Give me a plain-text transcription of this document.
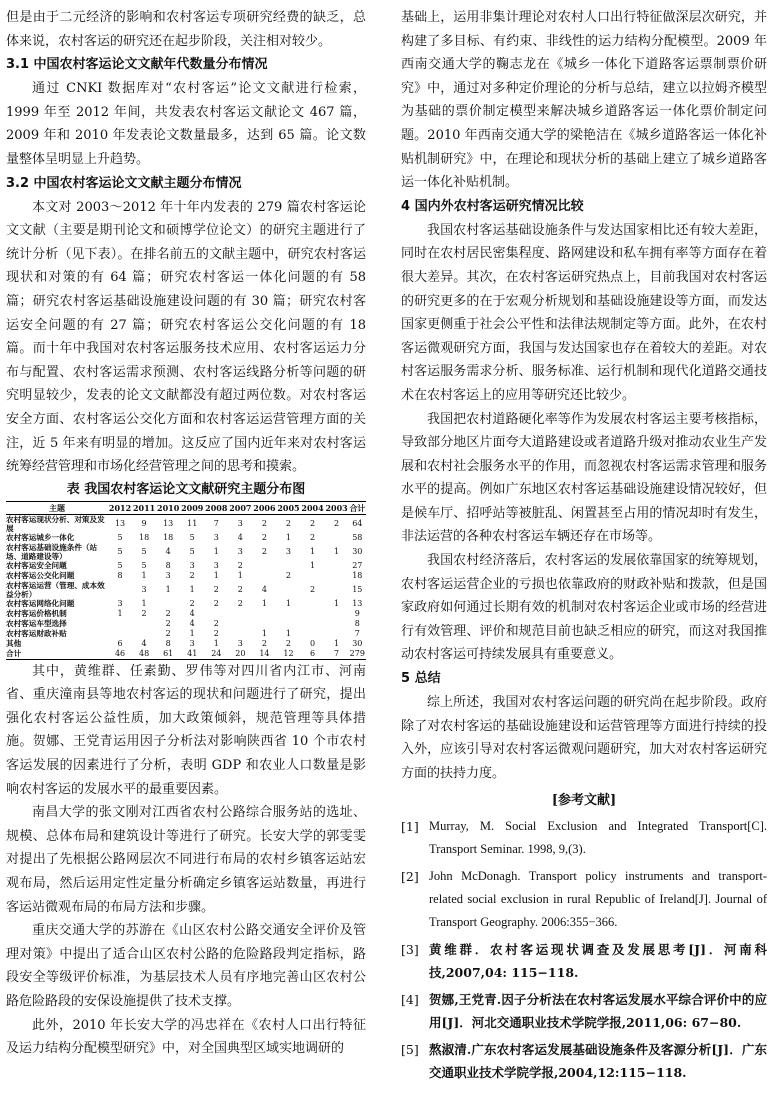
但是由于二元经济的影响和农村客运专项研究经费的缺乏，总体来说，农村客运的研究还在起步阶段，关注相对较少。

3.1 中国农村客运论文文献年代数量分布情况

通过 CNKI 数据库对“农村客运”论文文献进行检索，1999 年至 2012 年间，共发表农村客运文献论文 467 篇，2009 年和 2010 年发表论文数量最多，达到 65 篇。论文数量整体呈明显上升趋势。

3.2 中国农村客运论文文献主题分布情况

本文对 2003～2012 年十年内发表的 279 篇农村客运论文文献（主要是期刊论文和硕博学位论文）的研究主题进行了统计分析（见下表）。在排名前五的文献主题中，研究农村客运现状和对策的有 64 篇；研究农村客运一体化问题的有 58 篇；研究农村客运基础设施建设问题的有 30 篇；研究农村客运安全问题的有 27 篇；研究农村客运公交化问题的有 18 篇。而十年中我国对农村客运服务技术应用、农村客运运力分布与配置、农村客运需求预测、农村客运线路分析等问题的研究明显较少，发表的论文文献都没有超过两位数。对农村客运安全方面、农村客运公交化方面和农村客运运营管理方面的关注，近 5 年来有明显的增加。这反应了国内近年来对农村客运统筹经营管理和市场化经营管理之间的思考和摸索。

表 我国农村客运论文文献研究主题分布图
主题	2012	2011	2010	2009	2008	2007	2006	2005	2004	2003	合计
农村客运现状分析、对策及发展	13	9	13	11	7	3	2	2	2	2	64
农村客运城乡一体化	5	18	18	5	3	4	2	1	2		58
农村客运基础设施条件（站场、道路建设等）	5	5	4	5	1	3	2	3	1	1	30
农村客运安全问题	5	5	8	3	3	2			1		27
农村客运公交化问题	8	1	3	2	1	1		2			18
农村客运运营（管理、成本效益分析）		3	1	1	2	2	4		2		15
农村客运网络化问题	3	1		2	2	2	1	1		1	13
农村客运价格机制	1	2	2	4							9
农村客运车型选择			2	4	2						8
农村客运财政补贴			2	1	2		1	1			7
其他	6	4	8	3	1	3	2	2	0	1	30
合计	46	48	61	41	24	20	14	12	6	7	279

其中，黄维群、任素勤、罗伟等对四川省内江市、河南省、重庆潼南县等地农村客运的现状和问题进行了研究，提出强化农村客运公益性质，加大政策倾斜，规范管理等具体措施。贺娜、王党青运用因子分析法对影响陕西省 10 个市农村客运发展的因素进行了分析，表明 GDP 和农业人口数量是影响农村客运的发展水平的最重要因素。

南昌大学的张文刚对江西省农村公路综合服务站的选址、规模、总体布局和建筑设计等进行了研究。长安大学的郭雯雯对提出了先根据公路网层次不同进行布局的农村乡镇客运站宏观布局，然后运用定性定量分析确定乡镇客运站数量，再进行客运站微观布局的布局方法和步骤。

重庆交通大学的苏游在《山区农村公路交通安全评价及管理对策》中提出了适合山区农村公路的危险路段判定指标，路段安全等级评价标准，为基层技术人员有序地完善山区农村公路危险路段的安保设施提供了技术支撑。

此外，2010 年长安大学的冯忠祥在《农村人口出行特征及运力结构分配模型研究》中，对全国典型区域实地调研的

基础上，运用非集计理论对农村人口出行特征做深层次研究，并构建了多目标、有约束、非线性的运力结构分配模型。2009 年西南交通大学的鞠志龙在《城乡一体化下道路客运票制票价研究》中，通过对多种定价理论的分析与总结，建立以拉姆齐模型为基础的票价制定模型来解决城乡道路客运一体化票价制定问题。2010 年西南交通大学的梁艳洁在《城乡道路客运一体化补贴机制研究》中，在理论和现状分析的基础上建立了城乡道路客运一体化补贴机制。

4 国内外农村客运研究情况比较

我国农村客运基础设施条件与发达国家相比还有较大差距，同时在农村居民密集程度、路网建设和私车拥有率等方面存在着很大差异。其次，在农村客运研究热点上，目前我国对农村客运的研究更多的在于宏观分析规划和基础设施建设等方面，而发达国家更侧重于社会公平性和法律法规制定等方面。此外，在农村客运微观研究方面，我国与发达国家也存在着较大的差距。对农村客运服务需求分析、服务标准、运行机制和现代化道路交通技术在农村客运上的应用等研究还比较少。

我国把农村道路硬化率等作为发展农村客运主要考核指标，导致部分地区片面夸大道路建设或者道路升级对推动农业生产发展和农村社会服务水平的作用，而忽视农村客运需求管理和服务水平的提高。例如广东地区农村客运基础设施建设情况较好，但是候车厅、招呼站等被脏乱、闲置甚至占用的情况却时有发生，非法运营的各种农村客运车辆还存在市场等。

我国农村经济落后，农村客运的发展依靠国家的统筹规划，农村客运运营企业的亏损也依靠政府的财政补贴和拨款，但是国家政府如何通过长期有效的机制对农村客运企业或市场的经营进行有效管理、评价和规范目前也缺乏相应的研究，而这对我国推动农村客运可持续发展具有重要意义。

5 总结

综上所述，我国对农村客运问题的研究尚在起步阶段。政府除了对农村客运的基础设施建设和运营管理等方面进行持续的投入外，应该引导对农村客运微观问题研究，加大对农村客运研究方面的扶持力度。

[参考文献]
[1] Murray, M. Social Exclusion and Integrated Transport[C]. Transport Seminar. 1998, 9,(3).
[2] John McDonagh. Transport policy instruments and transport-related social exclusion in rural Republic of Ireland[J]. Journal of Transport Geography. 2006:355−366.
[3] 黄维群．农村客运现状调查及发展思考[J]．河南科技,2007,04: 115−118.
[4] 贺娜,王党青.因子分析法在农村客运发展水平综合评价中的应用[J]．河北交通职业技术学院学报,2011,06: 67−80.
[5] 熬淑清.广东农村客运发展基础设施条件及客源分析[J]．广东交通职业技术学院学报,2004,12:115−118.
